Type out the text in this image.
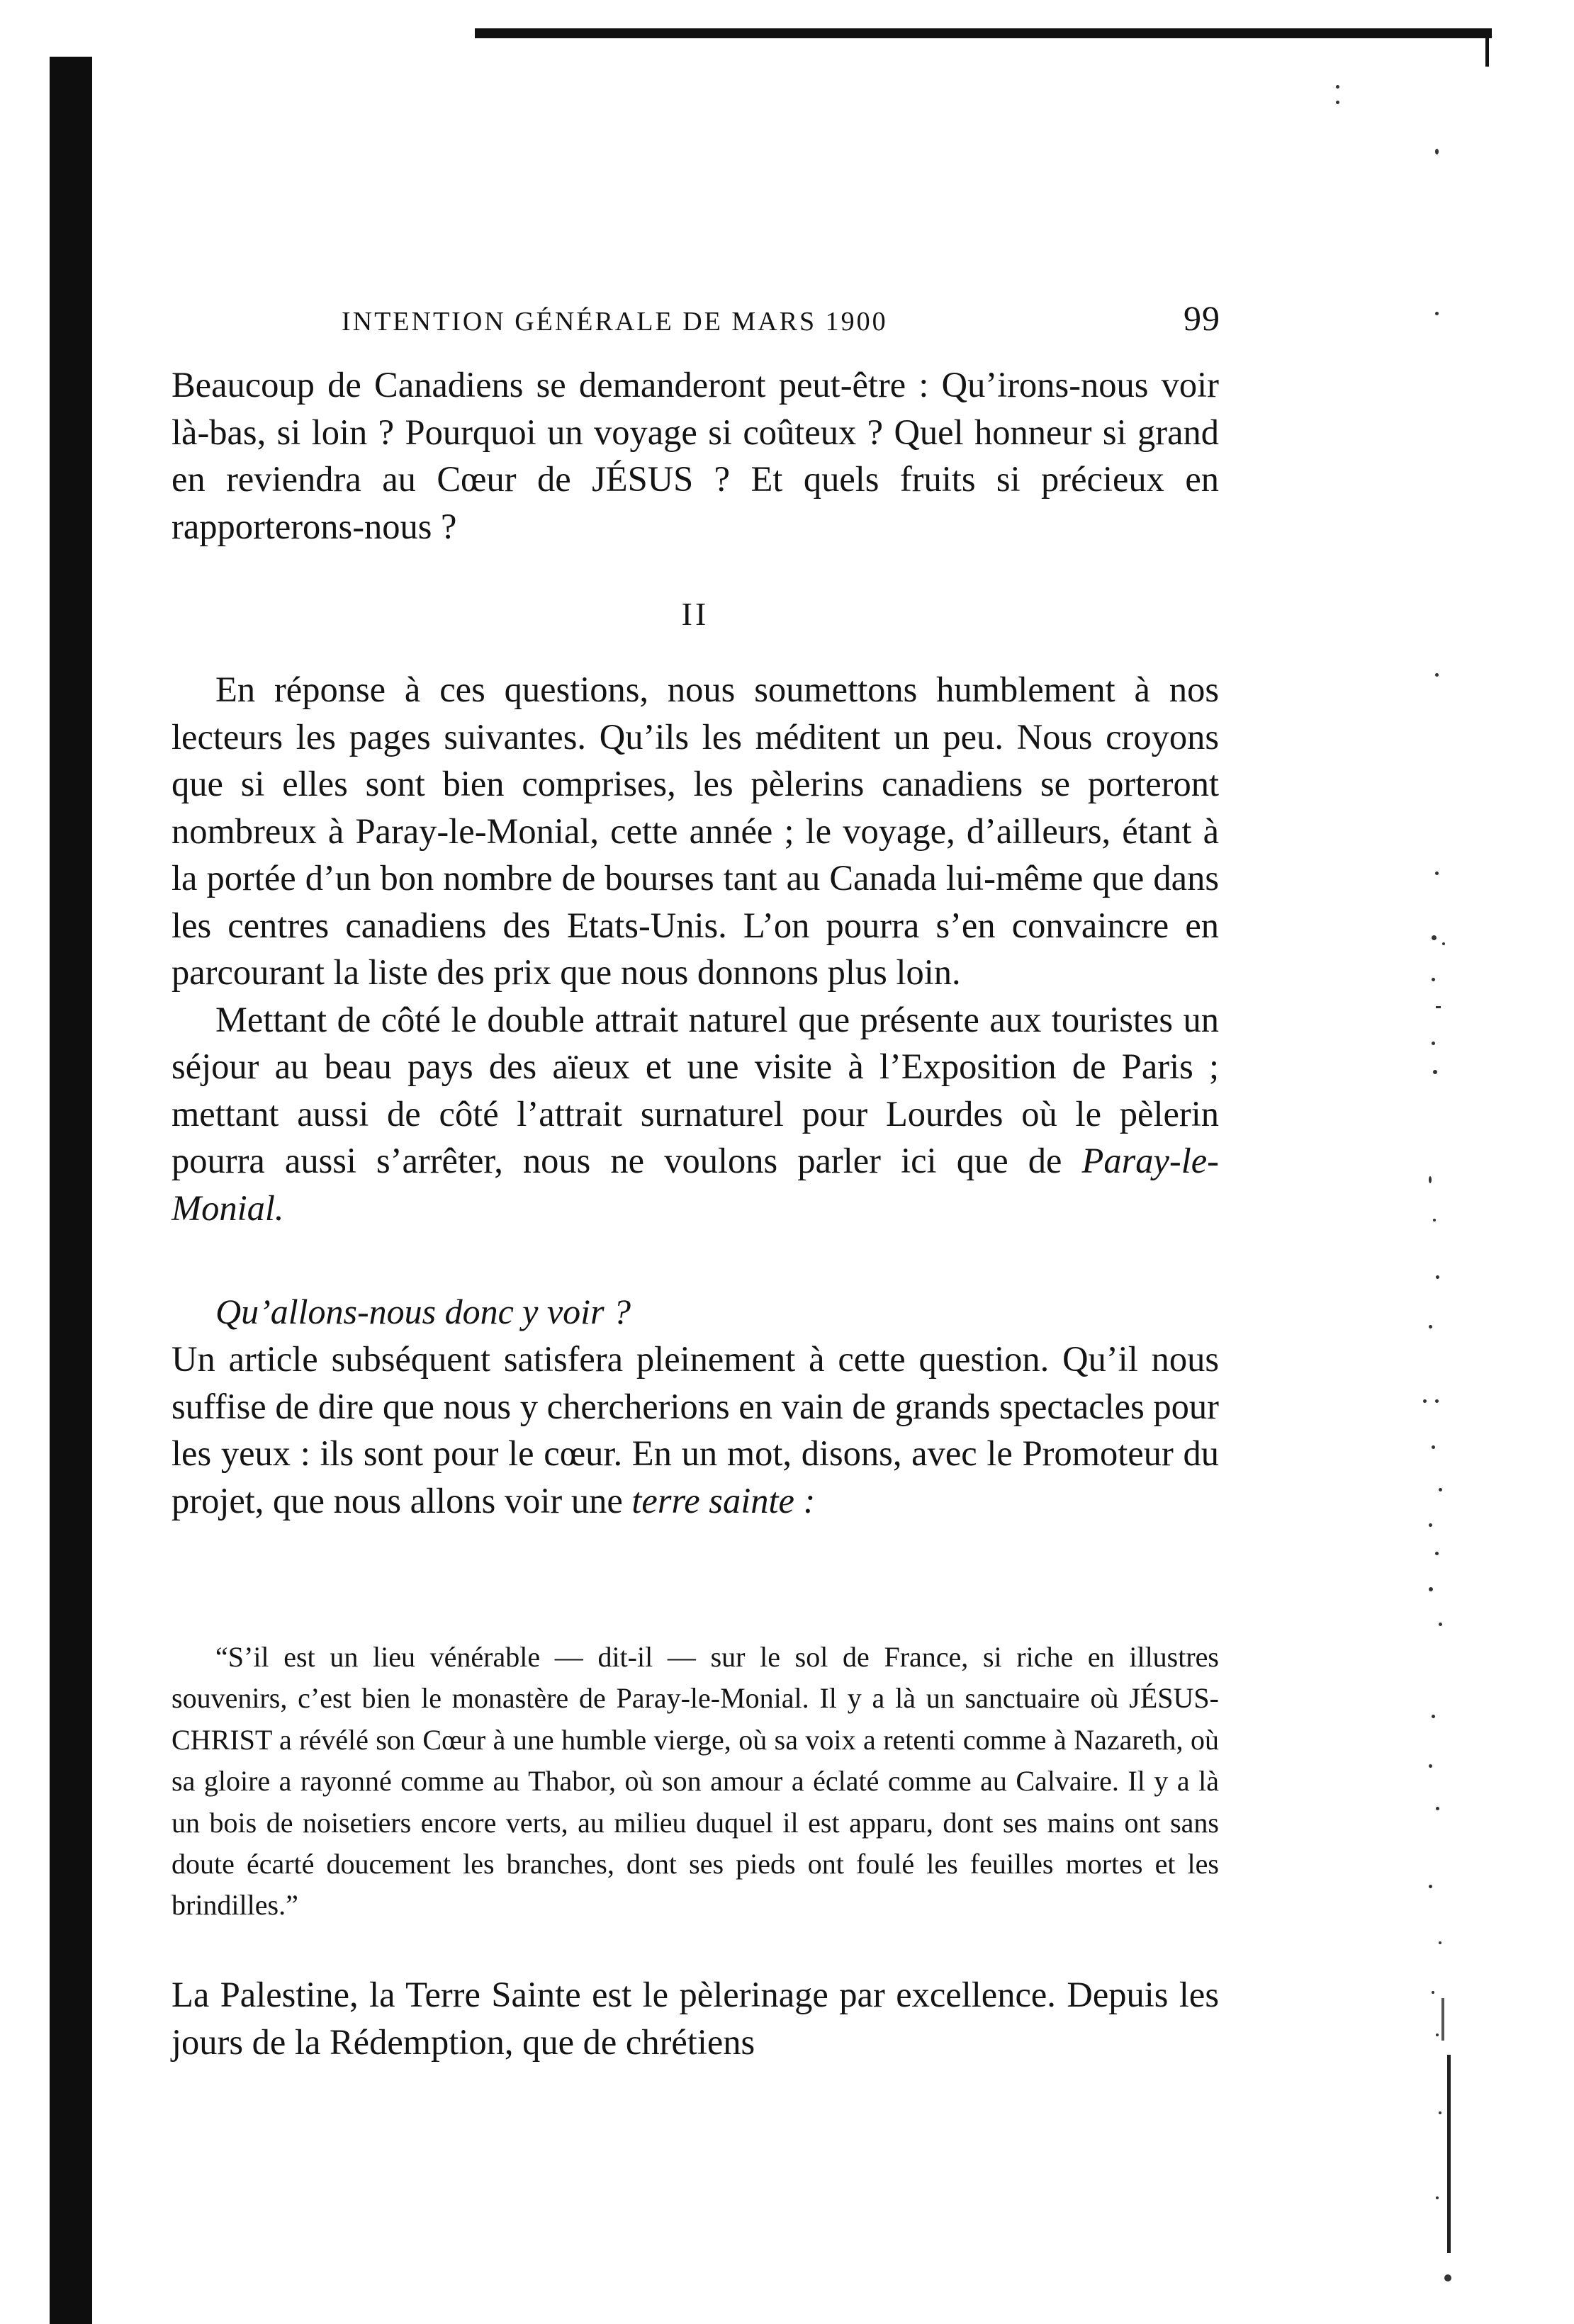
INTENTION GÉNÉRALE DE MARS 1900	99

Beaucoup de Canadiens se demanderont peut-être : Qu’irons-nous voir là-bas, si loin ? Pourquoi un voyage si coûteux ? Quel honneur si grand en reviendra au Cœur de JÉSUS ? Et quels fruits si précieux en rapporterons-nous ?

II

En réponse à ces questions, nous soumettons humblement à nos lecteurs les pages suivantes. Qu’ils les méditent un peu. Nous croyons que si elles sont bien comprises, les pèlerins canadiens se porteront nombreux à Paray-le-Monial, cette année ; le voyage, d’ailleurs, étant à la portée d’un bon nombre de bourses tant au Canada lui-même que dans les centres canadiens des Etats-Unis. L’on pourra s’en convaincre en parcourant la liste des prix que nous donnons plus loin.
Mettant de côté le double attrait naturel que présente aux touristes un séjour au beau pays des aïeux et une visite à l’Exposition de Paris ; mettant aussi de côté l’attrait surnaturel pour Lourdes où le pèlerin pourra aussi s’arrêter, nous ne voulons parler ici que de Paray-le-Monial.

Qu’allons-nous donc y voir ?

Un article subséquent satisfera pleinement à cette question. Qu’il nous suffise de dire que nous y chercherions en vain de grands spectacles pour les yeux : ils sont pour le cœur. En un mot, disons, avec le Promoteur du projet, que nous allons voir une terre sainte :

“S’il est un lieu vénérable — dit-il — sur le sol de France, si riche en illustres souvenirs, c’est bien le monastère de Paray-le-Monial. Il y a là un sanctuaire où JÉSUS-CHRIST a révélé son Cœur à une humble vierge, où sa voix a retenti comme à Nazareth, où sa gloire a rayonné comme au Thabor, où son amour a éclaté comme au Calvaire. Il y a là un bois de noisetiers encore verts, au milieu duquel il est apparu, dont ses mains ont sans doute écarté doucement les branches, dont ses pieds ont foulé les feuilles mortes et les brindilles.”

La Palestine, la Terre Sainte est le pèlerinage par excellence. Depuis les jours de la Rédemption, que de chrétiens
